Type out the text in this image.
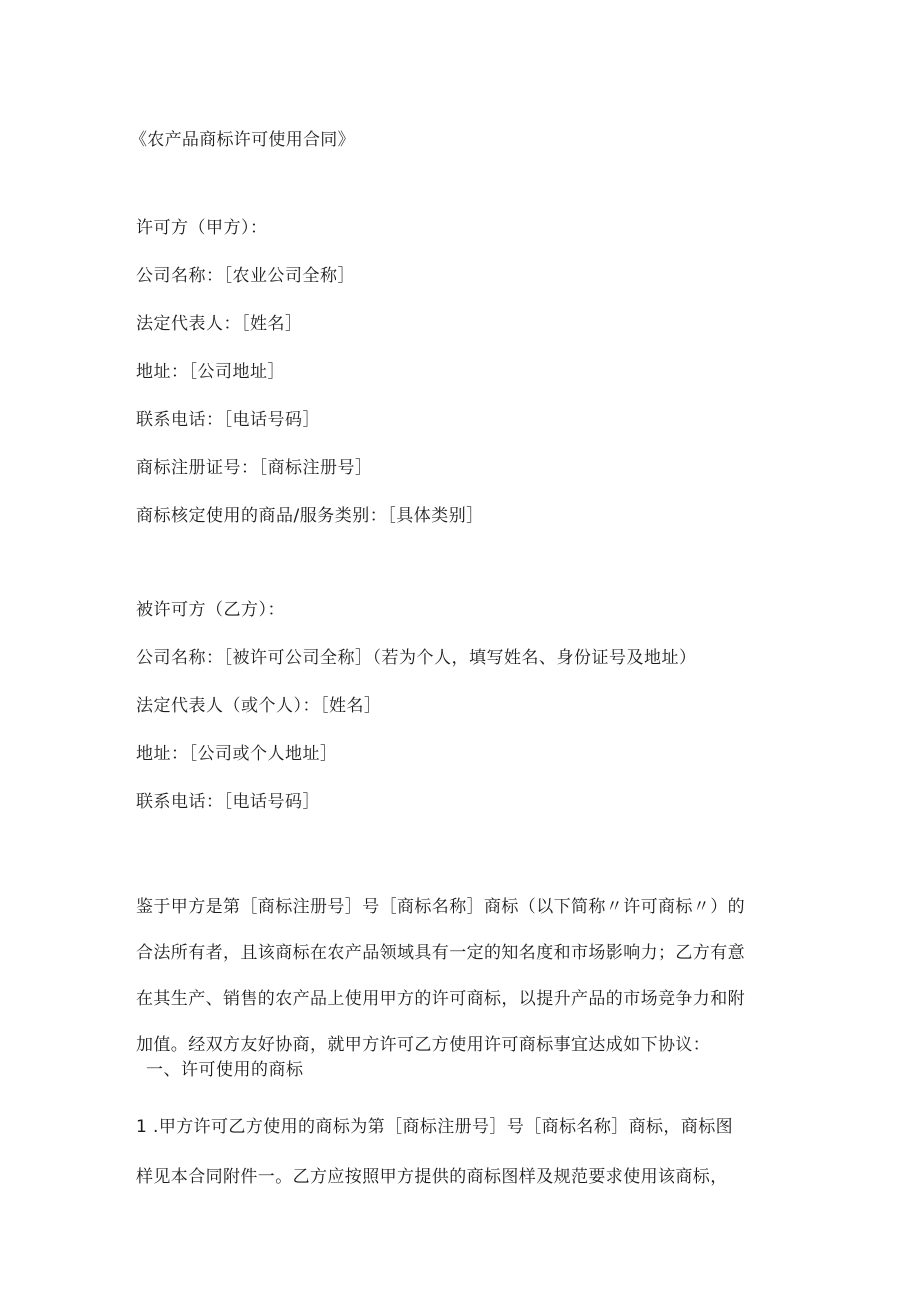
《农产品商标许可使用合同》
许可方（甲方）：
公司名称：［农业公司全称］
法定代表人：［姓名］
地址：［公司地址］
联系电话：［电话号码］
商标注册证号：［商标注册号］
商标核定使用的商品/服务类别：［具体类别］
被许可方（乙方）：
公司名称：［被许可公司全称］（若为个人，填写姓名、身份证号及地址）
法定代表人（或个人）：［姓名］
地址：［公司或个人地址］
联系电话：［电话号码］
鉴于甲方是第［商标注册号］号［商标名称］商标（以下简称〃许可商标〃）的
合法所有者，且该商标在农产品领域具有一定的知名度和市场影响力；乙方有意
在其生产、销售的农产品上使用甲方的许可商标，以提升产品的市场竞争力和附
加值。经双方友好协商，就甲方许可乙方使用许可商标事宜达成如下协议：
一、许可使用的商标
1 .甲方许可乙方使用的商标为第［商标注册号］号［商标名称］商标，商标图
样见本合同附件一。乙方应按照甲方提供的商标图样及规范要求使用该商标，
